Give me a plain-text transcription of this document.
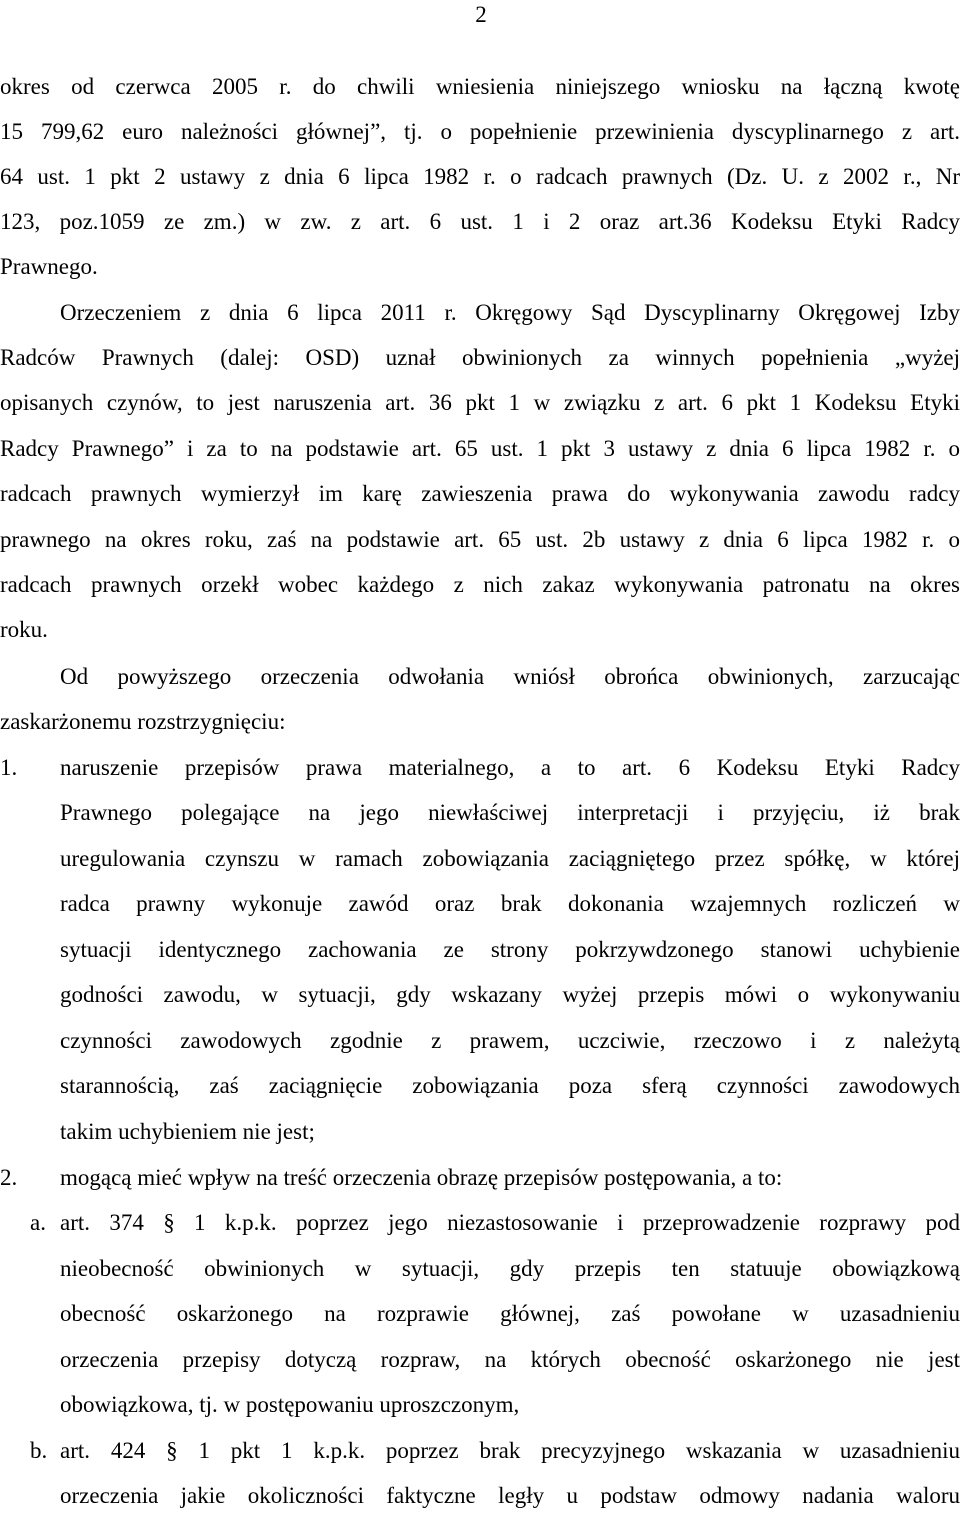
2
okres od czerwca 2005 r. do chwili wniesienia niniejszego wniosku na łączną kwotę
15 799,62 euro należności głównej”, tj. o popełnienie przewinienia dyscyplinarnego z art.
64 ust. 1 pkt 2 ustawy z dnia 6 lipca 1982 r. o radcach prawnych (Dz. U. z 2002 r., Nr
123, poz.1059 ze zm.) w zw. z art. 6 ust. 1 i 2 oraz art.36 Kodeksu Etyki Radcy
Prawnego.
Orzeczeniem z dnia 6 lipca 2011 r. Okręgowy Sąd Dyscyplinarny Okręgowej Izby
Radców Prawnych (dalej: OSD) uznał obwinionych za winnych popełnienia „wyżej
opisanych czynów, to jest naruszenia art. 36 pkt 1 w związku z art. 6 pkt 1 Kodeksu Etyki
Radcy Prawnego” i za to na podstawie art. 65 ust. 1 pkt 3 ustawy z dnia 6 lipca 1982 r. o
radcach prawnych wymierzył im karę zawieszenia prawa do wykonywania zawodu radcy
prawnego na okres roku, zaś na podstawie art. 65 ust. 2b ustawy z dnia 6 lipca 1982 r. o
radcach prawnych orzekł wobec każdego z nich zakaz wykonywania patronatu na okres
roku.
Od powyższego orzeczenia odwołania wniósł obrońca obwinionych, zarzucając
zaskarżonemu rozstrzygnięciu:
1.	naruszenie przepisów prawa materialnego, a to art. 6 Kodeksu Etyki Radcy
Prawnego polegające na jego niewłaściwej interpretacji i przyjęciu, iż brak
uregulowania czynszu w ramach zobowiązania zaciągniętego przez spółkę, w której
radca prawny wykonuje zawód oraz brak dokonania wzajemnych rozliczeń w
sytuacji identycznego zachowania ze strony pokrzywdzonego stanowi uchybienie
godności zawodu, w sytuacji, gdy wskazany wyżej przepis mówi o wykonywaniu
czynności zawodowych zgodnie z prawem, uczciwie, rzeczowo i z należytą
starannością, zaś zaciągnięcie zobowiązania poza sferą czynności zawodowych
takim uchybieniem nie jest;
2.	mogącą mieć wpływ na treść orzeczenia obrazę przepisów postępowania, a to:
a. art. 374 § 1 k.p.k. poprzez jego niezastosowanie i przeprowadzenie rozprawy pod
nieobecność obwinionych w sytuacji, gdy przepis ten statuuje obowiązkową
obecność oskarżonego na rozprawie głównej, zaś powołane w uzasadnieniu
orzeczenia przepisy dotyczą rozpraw, na których obecność oskarżonego nie jest
obowiązkowa, tj. w postępowaniu uproszczonym,
b. art. 424 § 1 pkt 1 k.p.k. poprzez brak precyzyjnego wskazania w uzasadnieniu
orzeczenia jakie okoliczności faktyczne legły u podstaw odmowy nadania waloru
